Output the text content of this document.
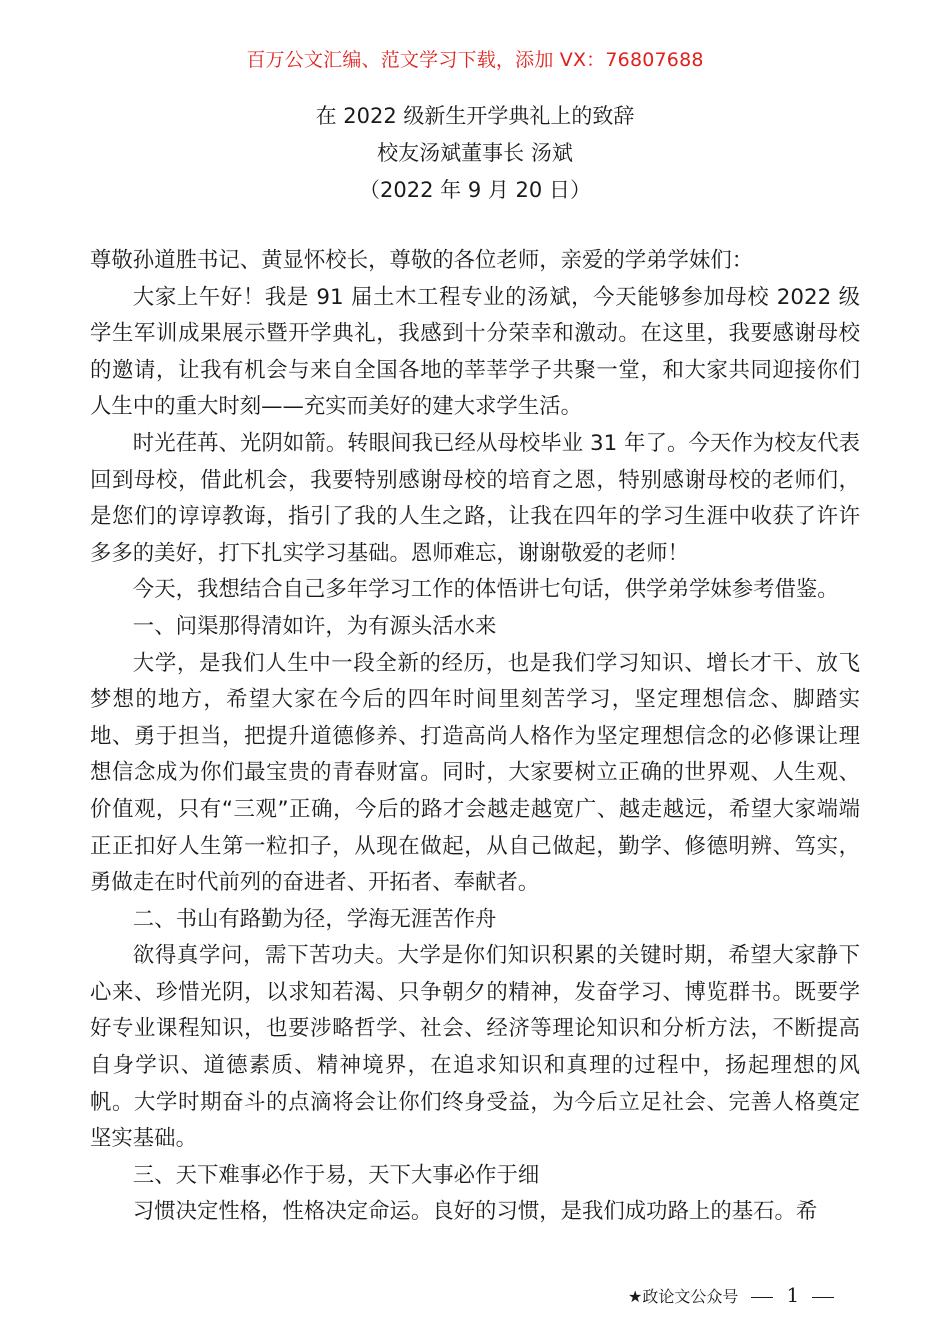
百万公文汇编、范文学习下载，添加 VX：76807688
在 2022 级新生开学典礼上的致辞
校友汤斌董事长 汤斌
（2022 年 9 月 20 日）

尊敬孙道胜书记、黄显怀校长，尊敬的各位老师，亲爱的学弟学妹们：

大家上午好！我是 91 届土木工程专业的汤斌，今天能够参加母校 2022 级学生军训成果展示暨开学典礼，我感到十分荣幸和激动。在这里，我要感谢母校的邀请，让我有机会与来自全国各地的莘莘学子共聚一堂，和大家共同迎接你们人生中的重大时刻——充实而美好的建大求学生活。

时光荏苒、光阴如箭。转眼间我已经从母校毕业 31 年了。今天作为校友代表回到母校，借此机会，我要特别感谢母校的培育之恩，特别感谢母校的老师们，是您们的谆谆教诲，指引了我的人生之路，让我在四年的学习生涯中收获了许许多多的美好，打下扎实学习基础。恩师难忘，谢谢敬爱的老师！

今天，我想结合自己多年学习工作的体悟讲七句话，供学弟学妹参考借鉴。

一、问渠那得清如许，为有源头活水来

大学，是我们人生中一段全新的经历，也是我们学习知识、增长才干、放飞梦想的地方，希望大家在今后的四年时间里刻苦学习，坚定理想信念、脚踏实地、勇于担当，把提升道德修养、打造高尚人格作为坚定理想信念的必修课让理想信念成为你们最宝贵的青春财富。同时，大家要树立正确的世界观、人生观、价值观，只有“三观”正确，今后的路才会越走越宽广、越走越远，希望大家端端正正扣好人生第一粒扣子，从现在做起，从自己做起，勤学、修德明辨、笃实，勇做走在时代前列的奋进者、开拓者、奉献者。

二、书山有路勤为径，学海无涯苦作舟

欲得真学问，需下苦功夫。大学是你们知识积累的关键时期，希望大家静下心来、珍惜光阴，以求知若渴、只争朝夕的精神，发奋学习、博览群书。既要学好专业课程知识，也要涉略哲学、社会、经济等理论知识和分析方法，不断提高自身学识、道德素质、精神境界，在追求知识和真理的过程中，扬起理想的风帆。大学时期奋斗的点滴将会让你们终身受益，为今后立足社会、完善人格奠定坚实基础。

三、天下难事必作于易，天下大事必作于细

习惯决定性格，性格决定命运。良好的习惯，是我们成功路上的基石。希

★政论文公众号 1
